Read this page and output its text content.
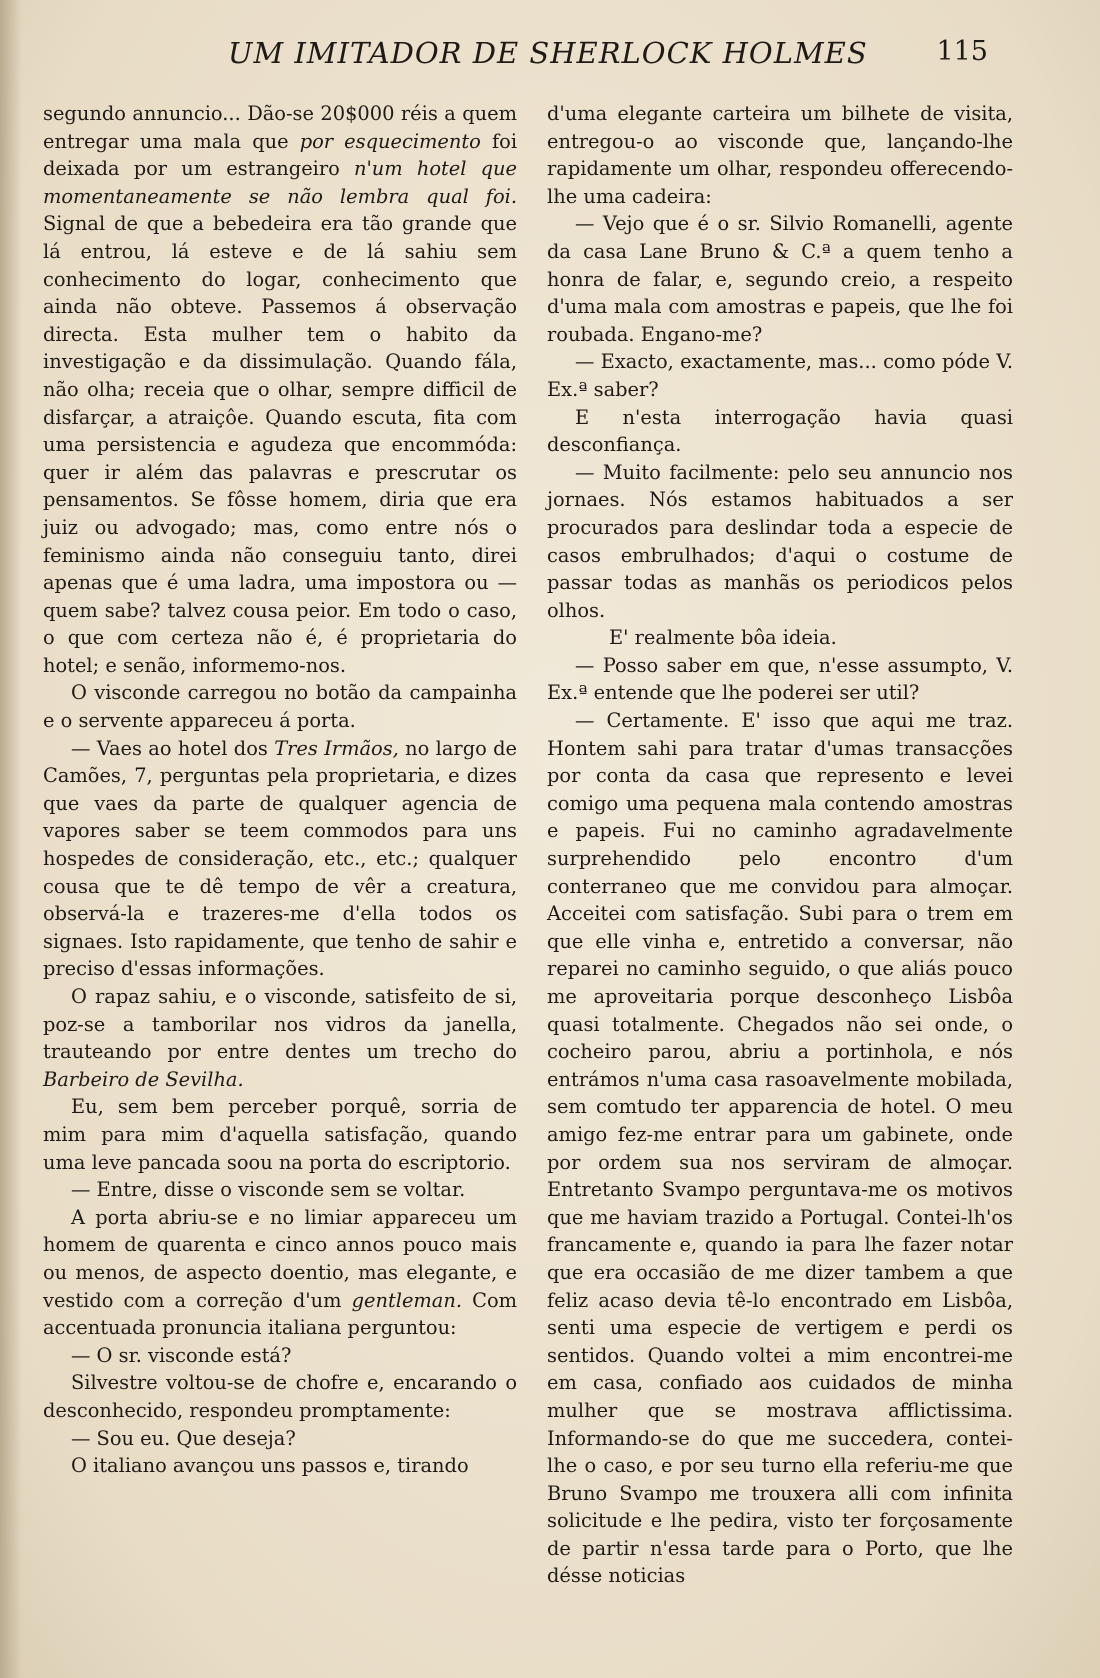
UM IMITADOR DE SHERLOCK HOLMES	115

segundo annuncio... Dão-se 20$000 réis a quem entregar uma mala que por esquecimento foi deixada por um estrangeiro n'um hotel que momentaneamente se não lembra qual foi. Signal de que a bebedeira era tão grande que lá entrou, lá esteve e de lá sahiu sem conhecimento do logar, conhecimento que ainda não obteve. Passemos á observação directa. Esta mulher tem o habito da investigação e da dissimulação. Quando fála, não olha; receia que o olhar, sempre difficil de disfarçar, a atraiçôe. Quando escuta, fita com uma persistencia e agudeza que encommóda: quer ir além das palavras e prescrutar os pensamentos. Se fôsse homem, diria que era juiz ou advogado; mas, como entre nós o feminismo ainda não conseguiu tanto, direi apenas que é uma ladra, uma impostora ou — quem sabe? talvez cousa peior. Em todo o caso, o que com certeza não é, é proprietaria do hotel; e senão, informemo-nos.

O visconde carregou no botão da campainha e o servente appareceu á porta.

— Vaes ao hotel dos Tres Irmãos, no largo de Camões, 7, perguntas pela proprietaria, e dizes que vaes da parte de qualquer agencia de vapores saber se teem commodos para uns hospedes de consideração, etc., etc.; qualquer cousa que te dê tempo de vêr a creatura, observá-la e trazeres-me d'ella todos os signaes. Isto rapidamente, que tenho de sahir e preciso d'essas informações.

O rapaz sahiu, e o visconde, satisfeito de si, poz-se a tamborilar nos vidros da janella, trauteando por entre dentes um trecho do Barbeiro de Sevilha.

Eu, sem bem perceber porquê, sorria de mim para mim d'aquella satisfação, quando uma leve pancada soou na porta do escriptorio.

— Entre, disse o visconde sem se voltar.

A porta abriu-se e no limiar appareceu um homem de quarenta e cinco annos pouco mais ou menos, de aspecto doentio, mas elegante, e vestido com a correção d'um gentleman. Com accentuada pronuncia italiana perguntou:

— O sr. visconde está?

Silvestre voltou-se de chofre e, encarando o desconhecido, respondeu promptamente:

— Sou eu. Que deseja?

O italiano avançou uns passos e, tirando

d'uma elegante carteira um bilhete de visita, entregou-o ao visconde que, lançando-lhe rapidamente um olhar, respondeu offerecendo-lhe uma cadeira:

— Vejo que é o sr. Silvio Romanelli, agente da casa Lane Bruno & C.ª a quem tenho a honra de falar, e, segundo creio, a respeito d'uma mala com amostras e papeis, que lhe foi roubada. Engano-me?

— Exacto, exactamente, mas... como póde V. Ex.ª saber?

E n'esta interrogação havia quasi desconfiança.

— Muito facilmente: pelo seu annuncio nos jornaes. Nós estamos habituados a ser procurados para deslindar toda a especie de casos embrulhados; d'aqui o costume de passar todas as manhãs os periodicos pelos olhos.

E' realmente bôa ideia.

— Posso saber em que, n'esse assumpto, V. Ex.ª entende que lhe poderei ser util?

— Certamente. E' isso que aqui me traz. Hontem sahi para tratar d'umas transacções por conta da casa que represento e levei comigo uma pequena mala contendo amostras e papeis. Fui no caminho agradavelmente surprehendido pelo encontro d'um conterraneo que me convidou para almoçar. Acceitei com satisfação. Subi para o trem em que elle vinha e, entretido a conversar, não reparei no caminho seguido, o que aliás pouco me aproveitaria porque desconheço Lisbôa quasi totalmente. Chegados não sei onde, o cocheiro parou, abriu a portinhola, e nós entrámos n'uma casa rasoavelmente mobilada, sem comtudo ter apparencia de hotel. O meu amigo fez-me entrar para um gabinete, onde por ordem sua nos serviram de almoçar. Entretanto Svampo perguntava-me os motivos que me haviam trazido a Portugal. Contei-lh'os francamente e, quando ia para lhe fazer notar que era occasião de me dizer tambem a que feliz acaso devia tê-lo encontrado em Lisbôa, senti uma especie de vertigem e perdi os sentidos. Quando voltei a mim encontrei-me em casa, confiado aos cuidados de minha mulher que se mostrava afflictissima. Informando-se do que me succedera, contei-lhe o caso, e por seu turno ella referiu-me que Bruno Svampo me trouxera alli com infinita solicitude e lhe pedira, visto ter forçosamente de partir n'essa tarde para o Porto, que lhe désse noticias
